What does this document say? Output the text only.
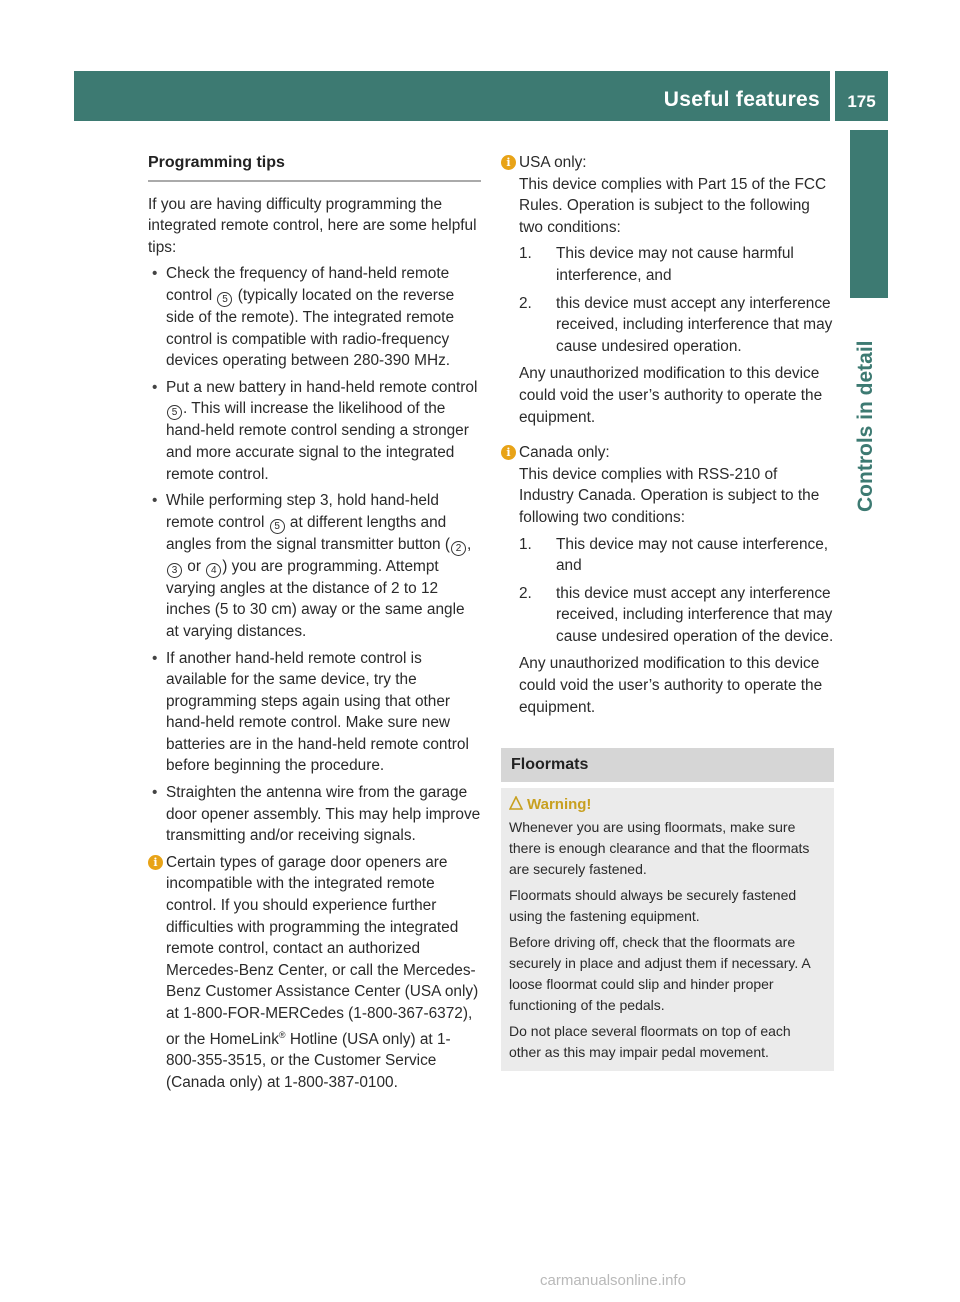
Useful features	175
Controls in detail
Programming tips

If you are having difficulty programming the integrated remote control, here are some helpful tips:

• Check the frequency of hand-held remote control 5 (typically located on the reverse side of the remote). The integrated remote control is compatible with radio-frequency devices operating between 280-390 MHz.
• Put a new battery in hand-held remote control 5 . This will increase the likelihood of the hand-held remote control sending a stronger and more accurate signal to the integrated remote control.
• While performing step 3, hold hand-held remote control 5 at different lengths and angles from the signal transmitter button ( 2 , 3 or 4 ) you are programming. Attempt varying angles at the distance of 2 to 12 inches (5 to 30 cm) away or the same angle at varying distances.
• If another hand-held remote control is available for the same device, try the programming steps again using that other hand-held remote control. Make sure new batteries are in the hand-held remote control before beginning the procedure.
• Straighten the antenna wire from the garage door opener assembly. This may help improve transmitting and/or receiving signals.
i Certain types of garage door openers are incompatible with the integrated remote control. If you should experience further difficulties with programming the integrated remote control, contact an authorized Mercedes-Benz Center, or call the Mercedes-Benz Customer Assistance Center (USA only) at 1-800-FOR-MERCedes (1-800-367-6372), or the HomeLink® Hotline (USA only) at 1-800-355-3515, or the Customer Service (Canada only) at 1-800-387-0100.
i USA only:

This device complies with Part 15 of the FCC Rules. Operation is subject to the following two conditions:

1. This device may not cause harmful interference, and
2. this device must accept any interference received, including interference that may cause undesired operation.

Any unauthorized modification to this device could void the user’s authority to operate the equipment.

i Canada only:

This device complies with RSS-210 of Industry Canada. Operation is subject to the following two conditions:

1. This device may not cause interference, and
2. this device must accept any interference received, including interference that may cause undesired operation of the device.

Any unauthorized modification to this device could void the user’s authority to operate the equipment.

Floormats
Warning!

Whenever you are using floormats, make sure there is enough clearance and that the floormats are securely fastened.

Floormats should always be securely fastened using the fastening equipment.

Before driving off, check that the floormats are securely in place and adjust them if necessary. A loose floormat could slip and hinder proper functioning of the pedals.

Do not place several floormats on top of each other as this may impair pedal movement.

carmanualsonline.info
